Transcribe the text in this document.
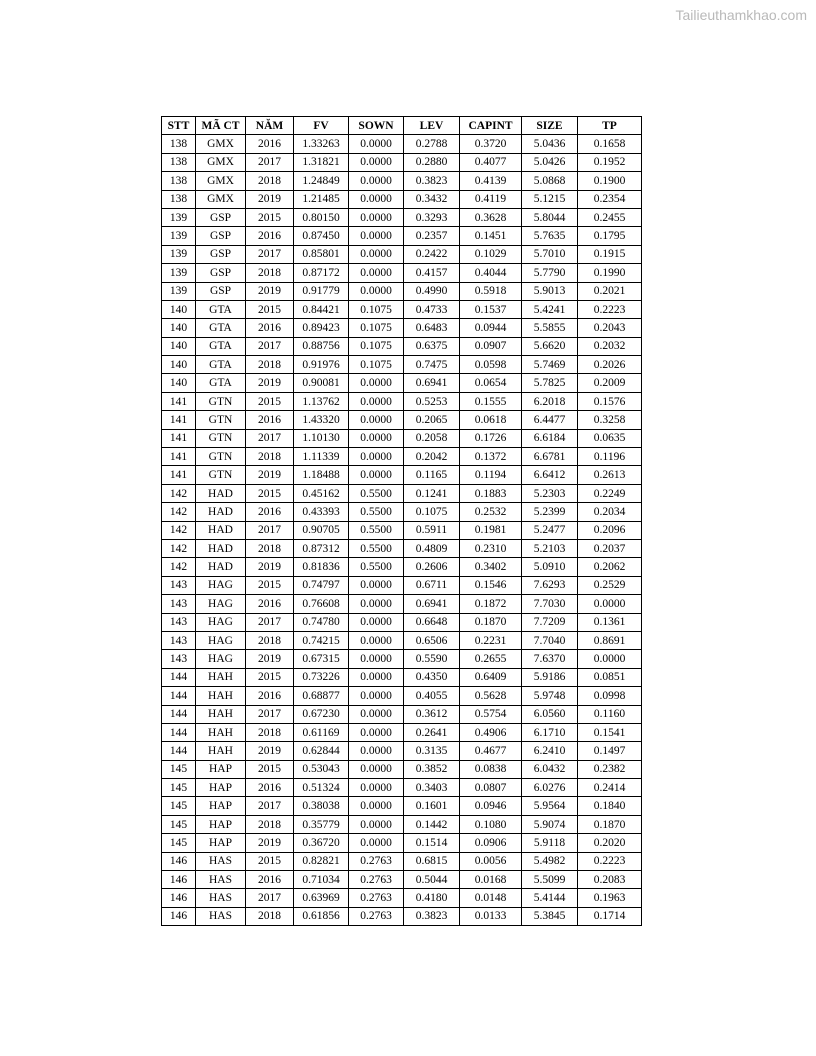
Tailieuthamkhao.com
STT	MÃ CT	NĂM	FV	SOWN	LEV	CAPINT	SIZE	TP
138	GMX	2016	1.33263	0.0000	0.2788	0.3720	5.0436	0.1658
138	GMX	2017	1.31821	0.0000	0.2880	0.4077	5.0426	0.1952
138	GMX	2018	1.24849	0.0000	0.3823	0.4139	5.0868	0.1900
138	GMX	2019	1.21485	0.0000	0.3432	0.4119	5.1215	0.2354
139	GSP	2015	0.80150	0.0000	0.3293	0.3628	5.8044	0.2455
139	GSP	2016	0.87450	0.0000	0.2357	0.1451	5.7635	0.1795
139	GSP	2017	0.85801	0.0000	0.2422	0.1029	5.7010	0.1915
139	GSP	2018	0.87172	0.0000	0.4157	0.4044	5.7790	0.1990
139	GSP	2019	0.91779	0.0000	0.4990	0.5918	5.9013	0.2021
140	GTA	2015	0.84421	0.1075	0.4733	0.1537	5.4241	0.2223
140	GTA	2016	0.89423	0.1075	0.6483	0.0944	5.5855	0.2043
140	GTA	2017	0.88756	0.1075	0.6375	0.0907	5.6620	0.2032
140	GTA	2018	0.91976	0.1075	0.7475	0.0598	5.7469	0.2026
140	GTA	2019	0.90081	0.0000	0.6941	0.0654	5.7825	0.2009
141	GTN	2015	1.13762	0.0000	0.5253	0.1555	6.2018	0.1576
141	GTN	2016	1.43320	0.0000	0.2065	0.0618	6.4477	0.3258
141	GTN	2017	1.10130	0.0000	0.2058	0.1726	6.6184	0.0635
141	GTN	2018	1.11339	0.0000	0.2042	0.1372	6.6781	0.1196
141	GTN	2019	1.18488	0.0000	0.1165	0.1194	6.6412	0.2613
142	HAD	2015	0.45162	0.5500	0.1241	0.1883	5.2303	0.2249
142	HAD	2016	0.43393	0.5500	0.1075	0.2532	5.2399	0.2034
142	HAD	2017	0.90705	0.5500	0.5911	0.1981	5.2477	0.2096
142	HAD	2018	0.87312	0.5500	0.4809	0.2310	5.2103	0.2037
142	HAD	2019	0.81836	0.5500	0.2606	0.3402	5.0910	0.2062
143	HAG	2015	0.74797	0.0000	0.6711	0.1546	7.6293	0.2529
143	HAG	2016	0.76608	0.0000	0.6941	0.1872	7.7030	0.0000
143	HAG	2017	0.74780	0.0000	0.6648	0.1870	7.7209	0.1361
143	HAG	2018	0.74215	0.0000	0.6506	0.2231	7.7040	0.8691
143	HAG	2019	0.67315	0.0000	0.5590	0.2655	7.6370	0.0000
144	HAH	2015	0.73226	0.0000	0.4350	0.6409	5.9186	0.0851
144	HAH	2016	0.68877	0.0000	0.4055	0.5628	5.9748	0.0998
144	HAH	2017	0.67230	0.0000	0.3612	0.5754	6.0560	0.1160
144	HAH	2018	0.61169	0.0000	0.2641	0.4906	6.1710	0.1541
144	HAH	2019	0.62844	0.0000	0.3135	0.4677	6.2410	0.1497
145	HAP	2015	0.53043	0.0000	0.3852	0.0838	6.0432	0.2382
145	HAP	2016	0.51324	0.0000	0.3403	0.0807	6.0276	0.2414
145	HAP	2017	0.38038	0.0000	0.1601	0.0946	5.9564	0.1840
145	HAP	2018	0.35779	0.0000	0.1442	0.1080	5.9074	0.1870
145	HAP	2019	0.36720	0.0000	0.1514	0.0906	5.9118	0.2020
146	HAS	2015	0.82821	0.2763	0.6815	0.0056	5.4982	0.2223
146	HAS	2016	0.71034	0.2763	0.5044	0.0168	5.5099	0.2083
146	HAS	2017	0.63969	0.2763	0.4180	0.0148	5.4144	0.1963
146	HAS	2018	0.61856	0.2763	0.3823	0.0133	5.3845	0.1714
